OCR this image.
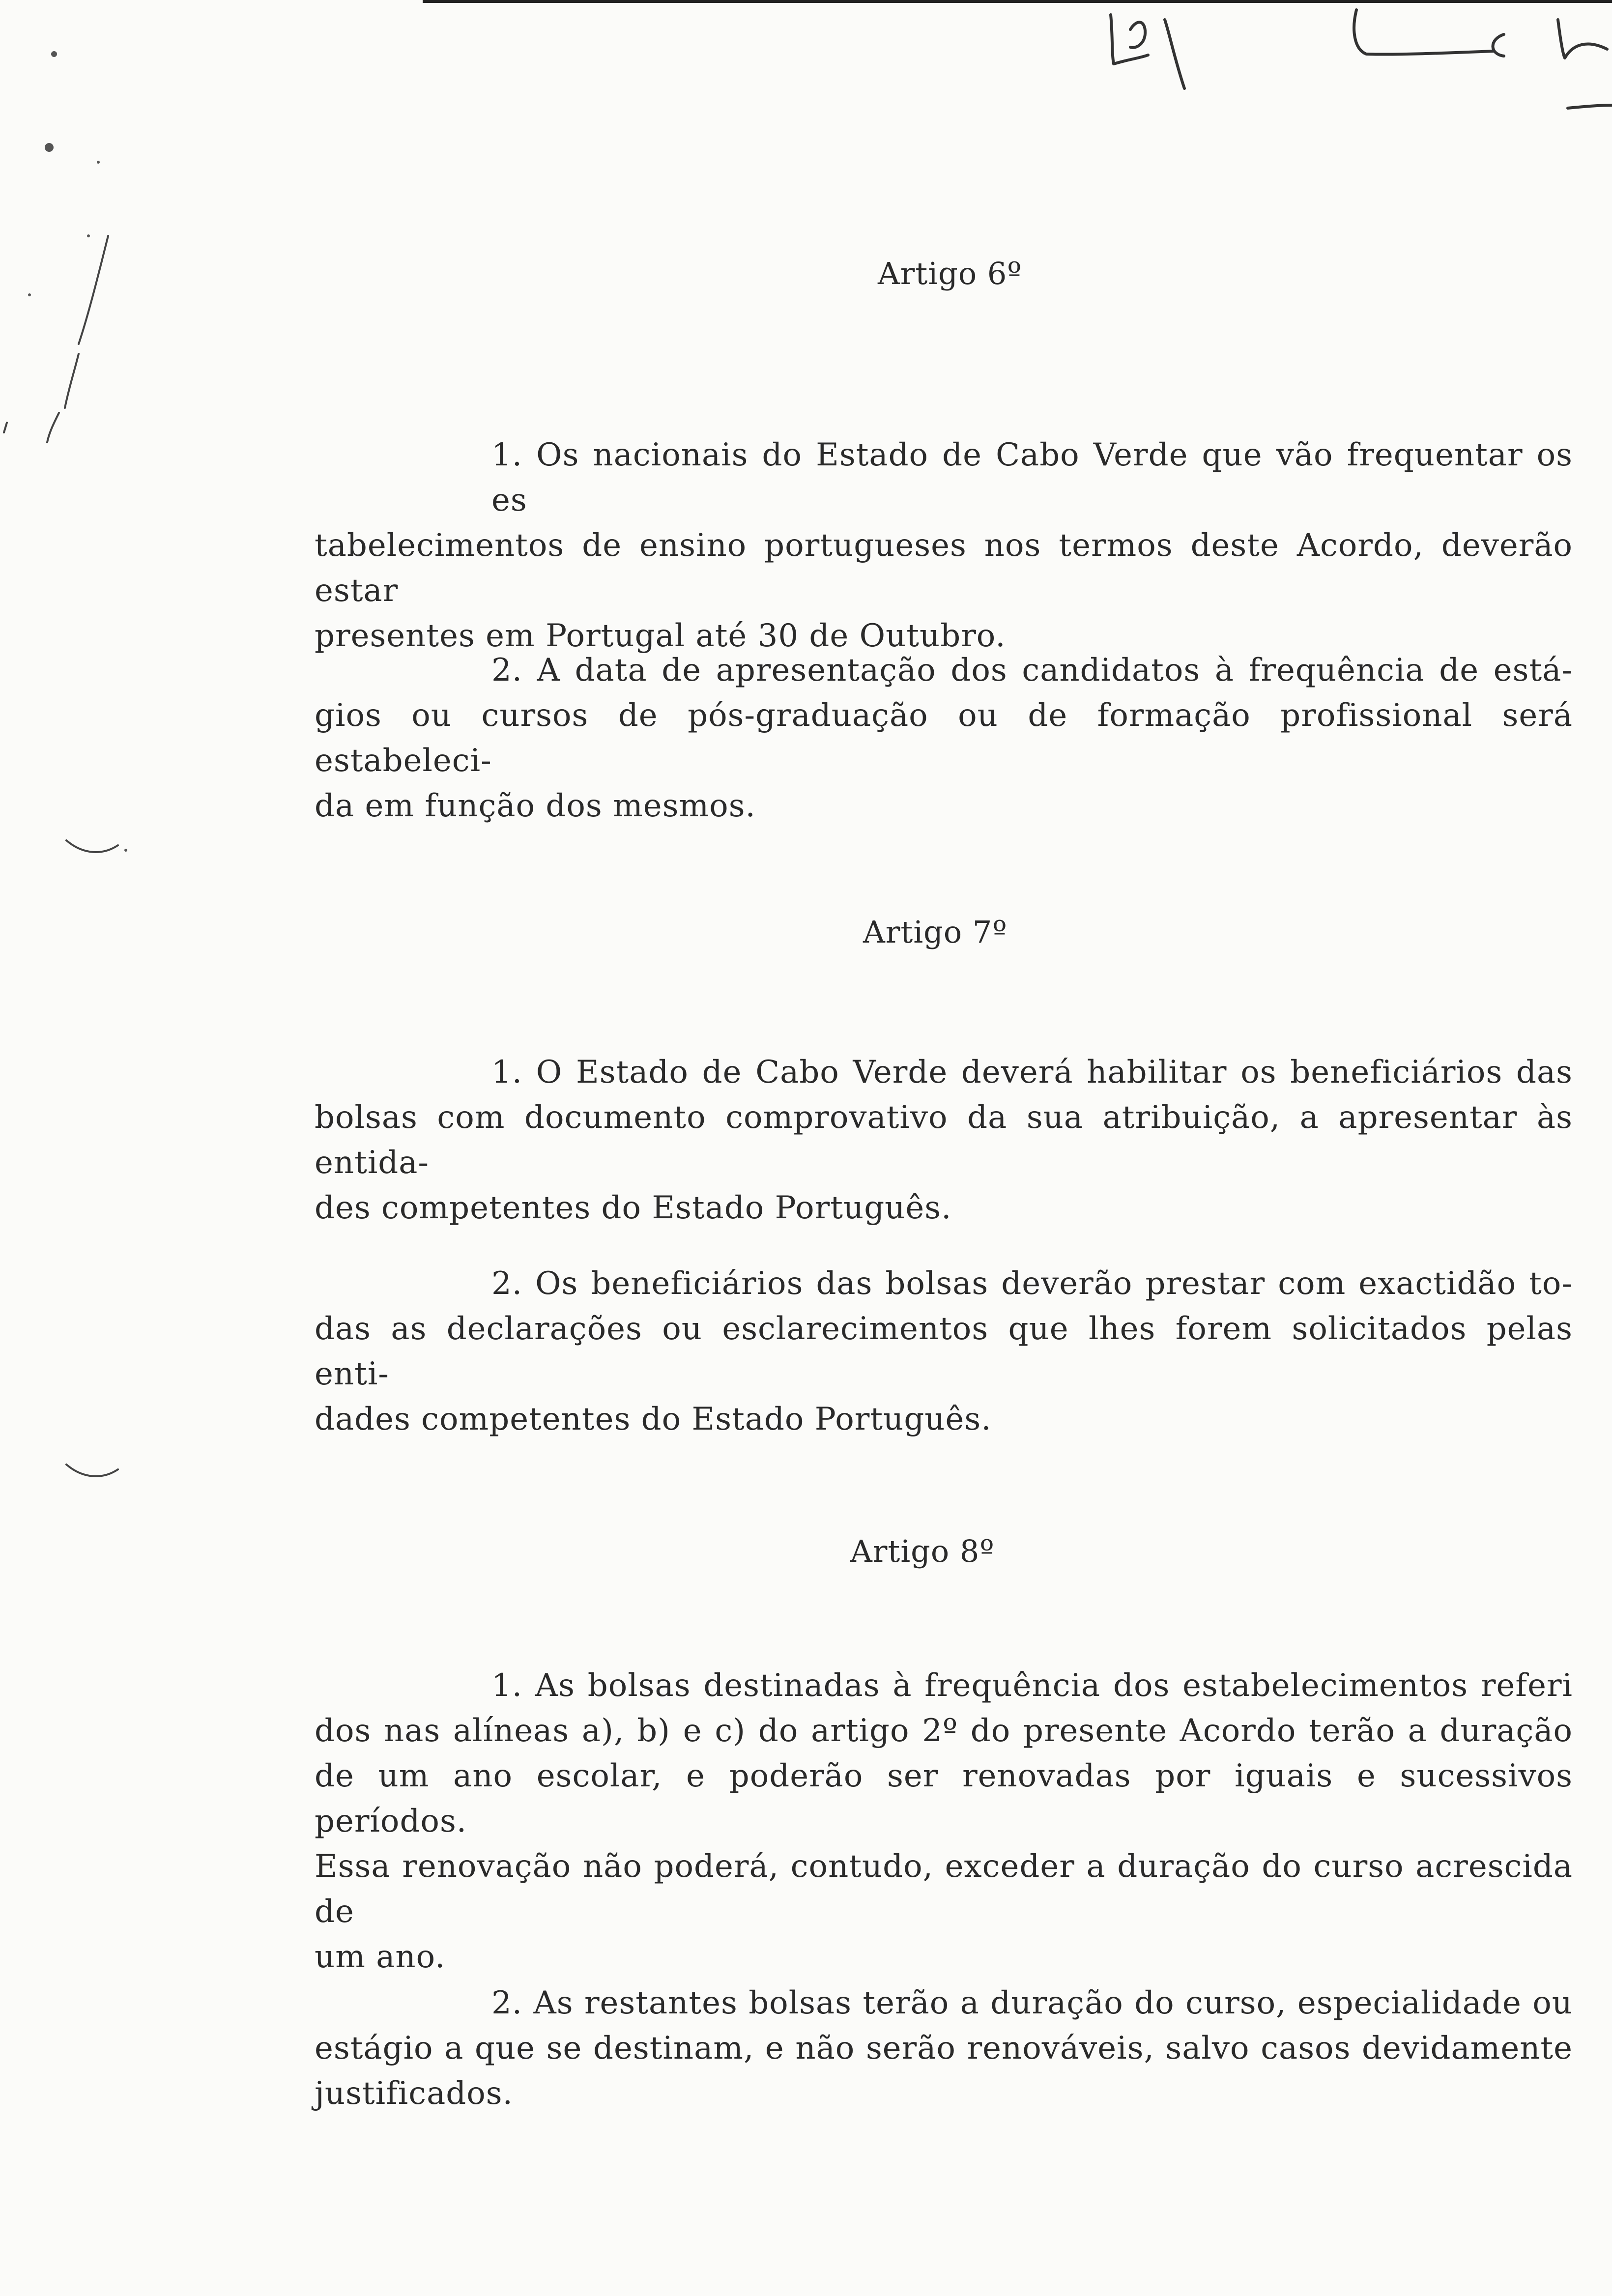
Artigo 6º

1. Os nacionais do Estado de Cabo Verde que vão frequentar os es
tabelecimentos de ensino portugueses nos termos deste Acordo, deverão estar
presentes em Portugal até 30 de Outubro.

2. A data de apresentação dos candidatos à frequência de está-
gios ou cursos de pós-graduação ou de formação profissional será estabeleci-
da em função dos mesmos.

Artigo 7º

1. O Estado de Cabo Verde deverá habilitar os beneficiários das
bolsas com documento comprovativo da sua atribuição, a apresentar às entida-
des competentes do Estado Português.

2. Os beneficiários das bolsas deverão prestar com exactidão to-
das as declarações ou esclarecimentos que lhes forem solicitados pelas enti-
dades competentes do Estado Português.

Artigo 8º

1. As bolsas destinadas à frequência dos estabelecimentos referi
dos nas alíneas a), b) e c) do artigo 2º do presente Acordo terão a duração
de um ano escolar, e poderão ser renovadas por iguais e sucessivos períodos.
Essa renovação não poderá, contudo, exceder a duração do curso acrescida de
um ano.

2. As restantes bolsas terão a duração do curso, especialidade ou
estágio a que se destinam, e não serão renováveis, salvo casos devidamente
justificados.
